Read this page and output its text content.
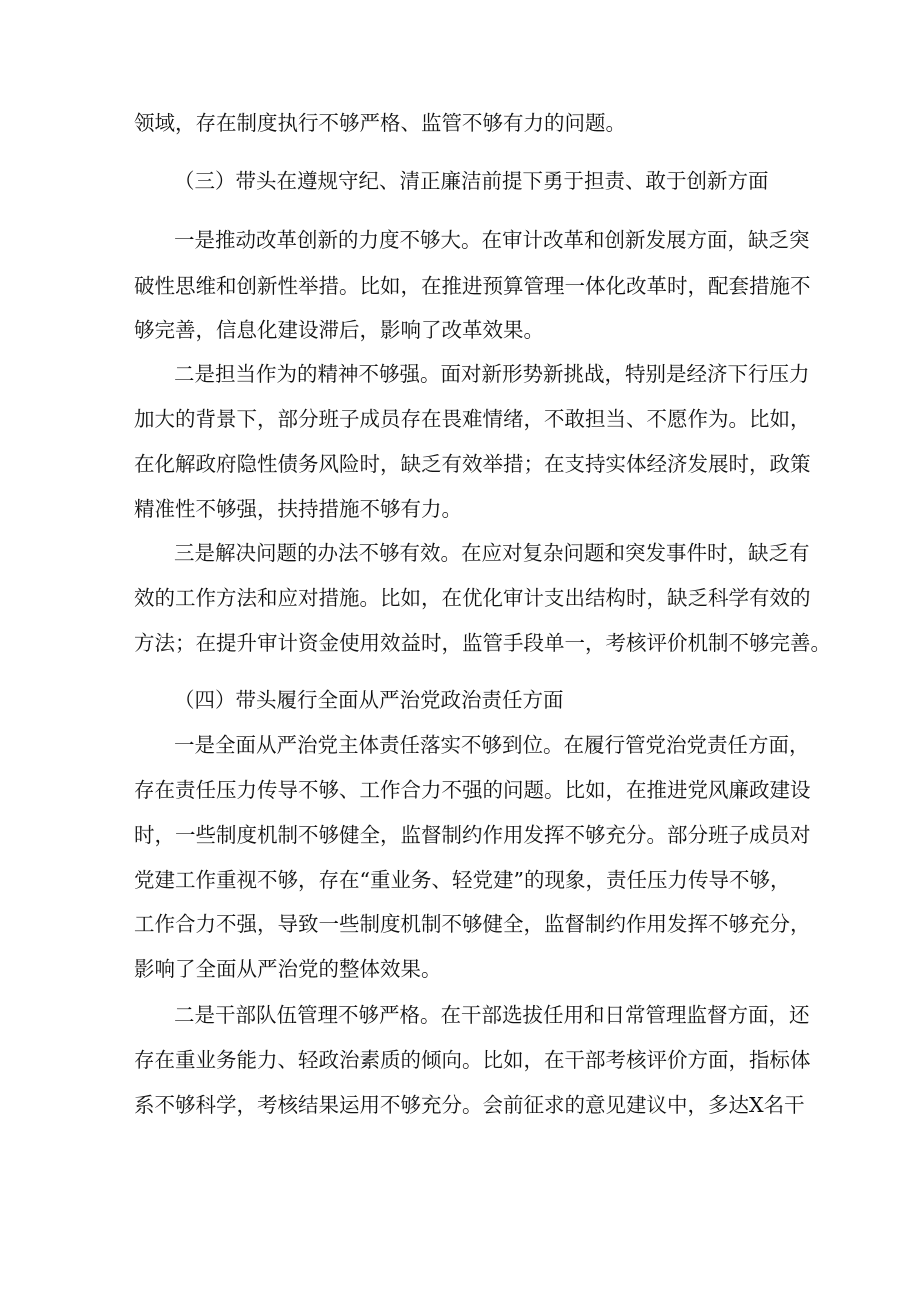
领域，存在制度执行不够严格、监管不够有力的问题。
（三）带头在遵规守纪、清正廉洁前提下勇于担责、敢于创新方面
一是推动改革创新的力度不够大。在审计改革和创新发展方面，缺乏突
破性思维和创新性举措。比如，在推进预算管理一体化改革时，配套措施不
够完善，信息化建设滞后，影响了改革效果。
二是担当作为的精神不够强。面对新形势新挑战，特别是经济下行压力
加大的背景下，部分班子成员存在畏难情绪，不敢担当、不愿作为。比如，
在化解政府隐性债务风险时，缺乏有效举措；在支持实体经济发展时，政策
精准性不够强，扶持措施不够有力。
三是解决问题的办法不够有效。在应对复杂问题和突发事件时，缺乏有
效的工作方法和应对措施。比如，在优化审计支出结构时，缺乏科学有效的
方法；在提升审计资金使用效益时，监管手段单一，考核评价机制不够完善。
（四）带头履行全面从严治党政治责任方面
一是全面从严治党主体责任落实不够到位。在履行管党治党责任方面，
存在责任压力传导不够、工作合力不强的问题。比如，在推进党风廉政建设
时，一些制度机制不够健全，监督制约作用发挥不够充分。部分班子成员对
党建工作重视不够，存在“重业务、轻党建”的现象，责任压力传导不够，
工作合力不强，导致一些制度机制不够健全，监督制约作用发挥不够充分，
影响了全面从严治党的整体效果。
二是干部队伍管理不够严格。在干部选拔任用和日常管理监督方面，还
存在重业务能力、轻政治素质的倾向。比如，在干部考核评价方面，指标体
系不够科学，考核结果运用不够充分。会前征求的意见建议中，多达X名干
